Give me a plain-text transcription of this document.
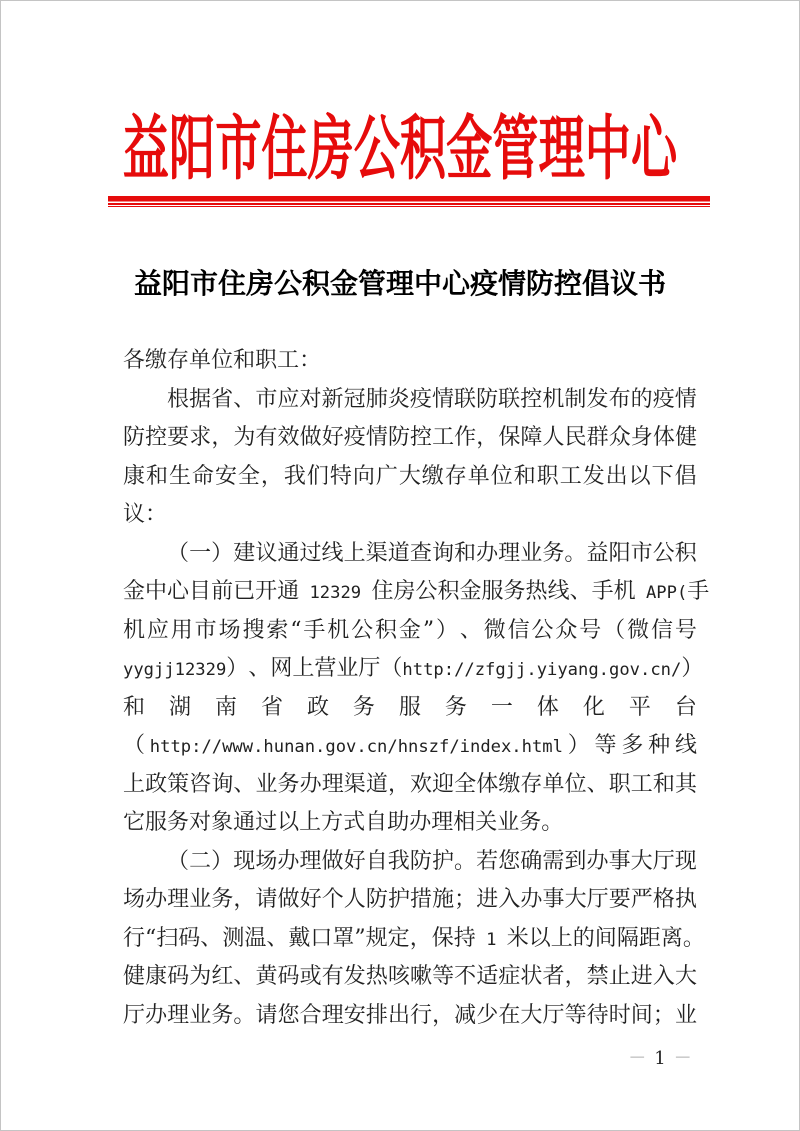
益阳市住房公积金管理中心
益阳市住房公积金管理中心疫情防控倡议书
各缴存单位和职工：
根 据 省 、 市 应 对 新 冠 肺 炎 疫 情 联 防 联 控 机 制 发 布 的 疫 情
防 控 要 求 ， 为 有 效 做 好 疫 情 防 控 工 作 ， 保 障 人 民 群 众 身 体 健
康 和 生 命 安 全 ， 我 们 特 向 广 大 缴 存 单 位 和 职 工 发 出 以 下 倡
议：
（ 一 ） 建 议 通 过 线 上 渠 道 查 询 和 办 理 业 务 。 益 阳 市 公 积
金 中 心 目 前 已 开 通 12329 住 房 公 积 金 服 务 热 线 、 手 机 APP( 手
机 应 用 市 场 搜 索 “ 手 机 公 积 金 ” ） 、 微 信 公 众 号 （ 微 信 号
yygjj12329 ） 、 网 上 营 业 厅 （ http://zfgjj.yiyang.gov.cn/ ）
和 湖 南 省 政 务 服 务 一 体 化 平 台
（ http://www.hunan.gov.cn/hnszf/index.html ） 等 多 种 线
上 政 策 咨 询 、 业 务 办 理 渠 道 ， 欢 迎 全 体 缴 存 单 位 、 职 工 和 其
它服务对象通过以上方式自助办理相关业务。
（ 二 ） 现 场 办 理 做 好 自 我 防 护 。 若 您 确 需 到 办 事 大 厅 现
场 办 理 业 务 ， 请 做 好 个 人 防 护 措 施 ； 进 入 办 事 大 厅 要 严 格 执
行 “ 扫 码 、 测 温 、 戴 口 罩 ” 规 定 ， 保 持 1 米 以 上 的 间 隔 距 离 。
健 康 码 为 红 、 黄 码 或 有 发 热 咳 嗽 等 不 适 症 状 者 ， 禁 止 进 入 大
厅 办 理 业 务 。 请 您 合 理 安 排 出 行 ， 减 少 在 大 厅 等 待 时 间 ； 业
－ 1 －
